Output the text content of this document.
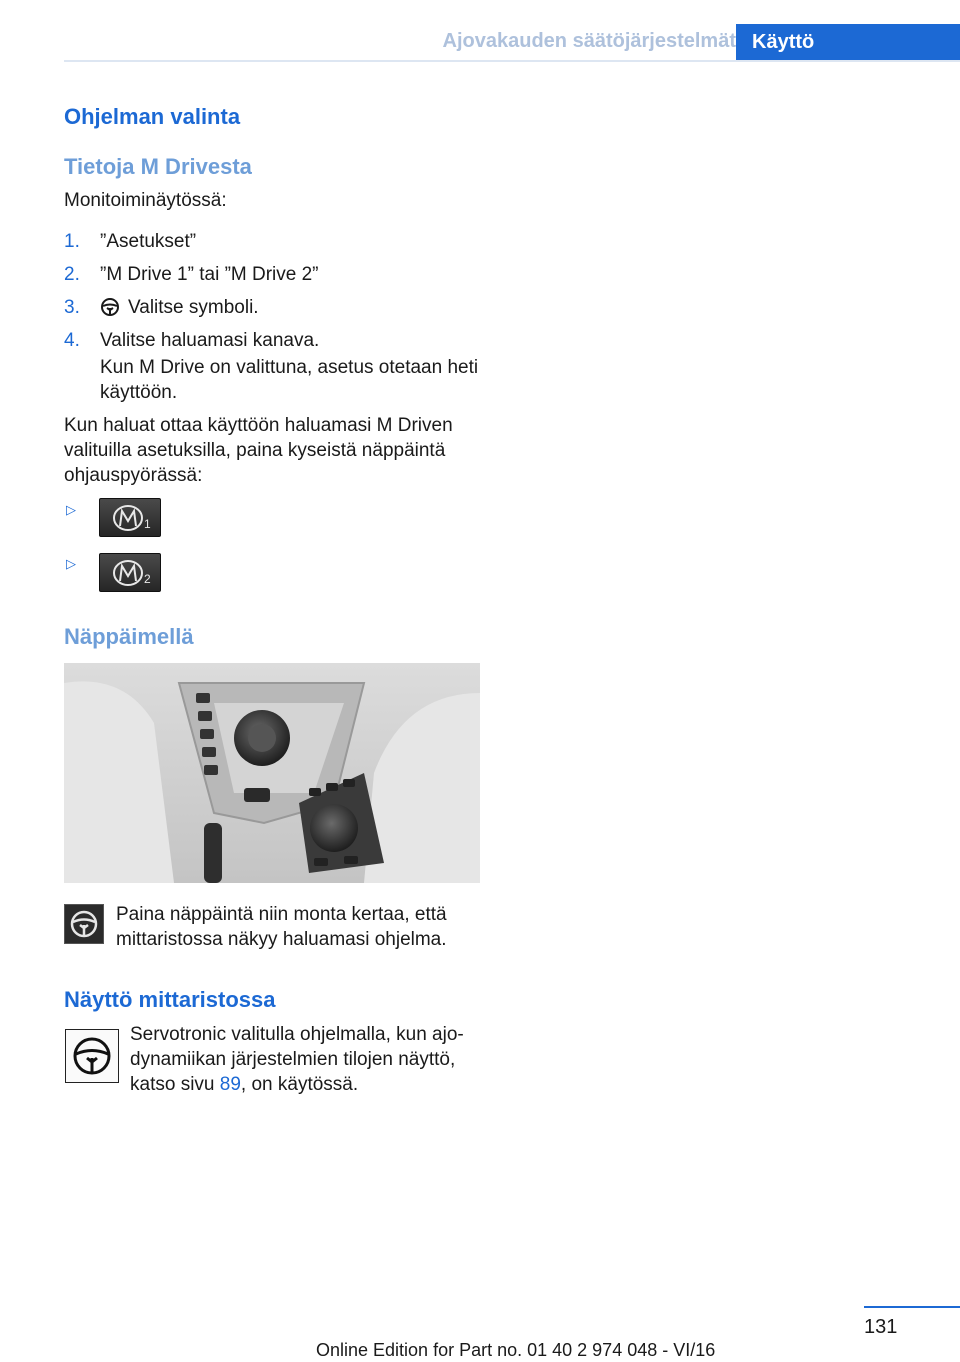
Ajovakauden säätöjärjestelmät Käyttö
Ohjelman valinta
Tietoja M Drivesta
Monitoiminäytössä:
1. ”Asetukset”
2. ”M Drive 1” tai ”M Drive 2”
3.	Valitse symboli.
4. Valitse haluamasi kanava.
Kun M Drive on valittuna, asetus otetaan heti käyttöön.
Kun haluat ottaa käyttöön haluamasi M Driven valituilla asetuksilla, paina kyseistä näppäintä ohjauspyörässä:
▷
1
▷
2
Näppäimellä
Paina näppäintä niin monta kertaa, että mittaristossa näkyy haluamasi ohjelma.
Näyttö mittaristossa
Servotronic valitulla ohjelmalla, kun ajo-dynamiikan järjestelmien tilojen näyttö, katso sivu 89, on käytössä.
131
Online Edition for Part no. 01 40 2 974 048 - VI/16
